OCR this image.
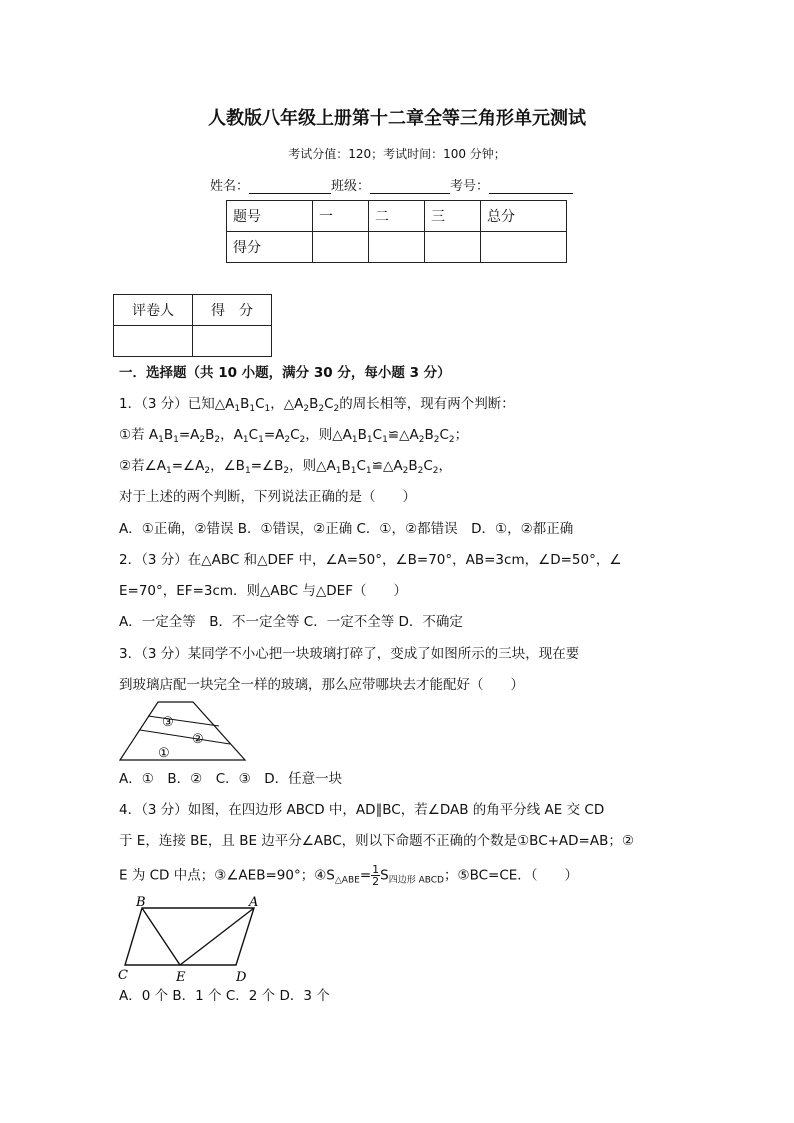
人教版八年级上册第十二章全等三角形单元测试
考试分值：120；考试时间：100 分钟；
姓名：	班级：	考号：
题号	一	二	三	总分
得分				
评卷人	得　分

一．选择题（共 10 小题，满分 30 分，每小题 3 分）
1．（3 分）已知$\triangle A_1B_1C_1$，$\triangle A_2B_2C_2$的周长相等，现有两个判断：
①若 $A_1B_1=A_2B_2$，$A_1C_1=A_2C_2$，则$\triangle A_1B_1C_1≌\triangle A_2B_2C_2$；
②若$\angle A_1=\angle A_2$，$\angle B_1=\angle B_2$，则$\triangle A_1B_1C_1≌\triangle A_2B_2C_2$，
对于上述的两个判断，下列说法正确的是（　　）
A．①正确，②错误 B．①错误，②正确 C．①，②都错误　D．①，②都正确
2．（3 分）在△ABC 和△DEF 中，∠A=50°，∠B=70°，AB=3cm，∠D=50°，∠
E=70°，EF=3cm．则△ABC 与△DEF（　　）
A．一定全等　B．不一定全等 C．一定不全等 D．不确定
3．（3 分）某同学不小心把一块玻璃打碎了，变成了如图所示的三块，现在要
到玻璃店配一块完全一样的玻璃，那么应带哪块去才能配好（　　）
③
②
①
A．①　B．②　C．③　D．任意一块
4．（3 分）如图，在四边形 ABCD 中，AD∥BC，若∠DAB 的角平分线 AE 交 CD
于 E，连接 BE，且 BE 边平分∠ABC，则以下命题不正确的个数是①BC+AD=AB；②
E 为 CD 中点；③∠AEB=90°；$④S_{\triangle ABE}= \frac{1}{2} S_{四边形 ABCD}$；⑤BC=CE．（　　）
B	A
C	E	D
A．0 个 B．1 个 C．2 个 D．3 个
